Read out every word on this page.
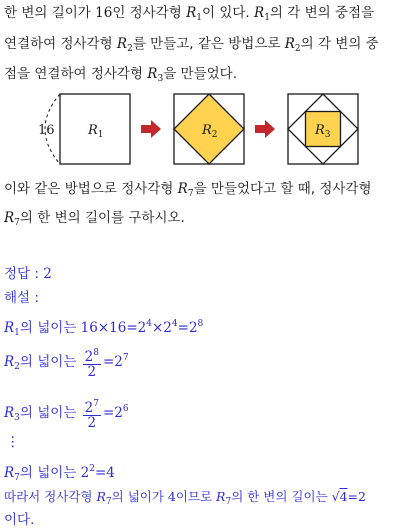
한 변의 길이가 16인 정사각형 $R_1$이 있다. $R_1$의 각 변의 중점을
연결하여 정사각형 $R_2$를 만들고, 같은 방법으로 $R_2$의 각 변의 중
점을 연결하여 정사각형 $R_3$을 만들었다.
16	$R_1$	$R_2$	$R_3$
이와 같은 방법으로 정사각형 $R_7$을 만들었다고 할 때, 정사각형
$R_7$의 한 변의 길이를 구하시오.
정답 : 2
해설 :
$R_1$의 넓이는 $16\times 16=2^4\times 2^4=2^8$
$R_2$의 넓이는 $\frac{2^8}{2} =2^7$
$R_3$의 넓이는 $\frac{2^7}{2} =2^6$
⋮
$R_7$의 넓이는 $2^2=4$
따라서 정사각형 $R_7$의 넓이가 4이므로 $R_7$의 한 변의 길이는 √4=2
이다.
